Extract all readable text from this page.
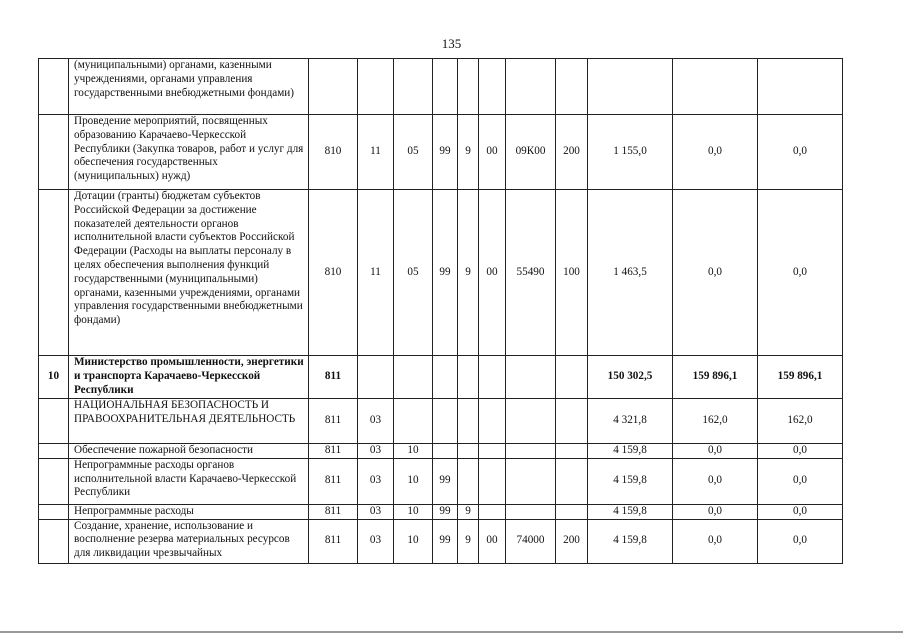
135
	(муниципальными) органами, казенными учреждениями, органами управления государственными внебюджетными фондами)											
	Проведение мероприятий, посвященных образованию Карачаево-Черкесской Республики (Закупка товаров, работ и услуг для обеспечения государственных (муниципальных) нужд)	810	11	05	99	9	00	09К00	200	1 155,0	0,0	0,0
	Дотации (гранты) бюджетам субъектов Российской Федерации за достижение показателей деятельности органов исполнительной власти субъектов Российской Федерации (Расходы на выплаты персоналу в целях обеспечения выполнения функций государственными (муниципальными) органами, казенными учреждениями, органами управления государственными внебюджетными фондами)	810	11	05	99	9	00	55490	100	1 463,5	0,0	0,0
10	Министерство промышленности, энергетики и транспорта Карачаево-Черкесской Республики	811								150 302,5	159 896,1	159 896,1
	НАЦИОНАЛЬНАЯ БЕЗОПАСНОСТЬ И ПРАВООХРАНИТЕЛЬНАЯ ДЕЯТЕЛЬНОСТЬ	811	03							4 321,8	162,0	162,0
	Обеспечение пожарной безопасности	811	03	10						4 159,8	0,0	0,0
	Непрограммные расходы органов исполнительной власти Карачаево-Черкесской Республики	811	03	10	99					4 159,8	0,0	0,0
	Непрограммные расходы	811	03	10	99	9				4 159,8	0,0	0,0
	Создание, хранение, использование и восполнение резерва материальных ресурсов для ликвидации чрезвычайных	811	03	10	99	9	00	74000	200	4 159,8	0,0	0,0
